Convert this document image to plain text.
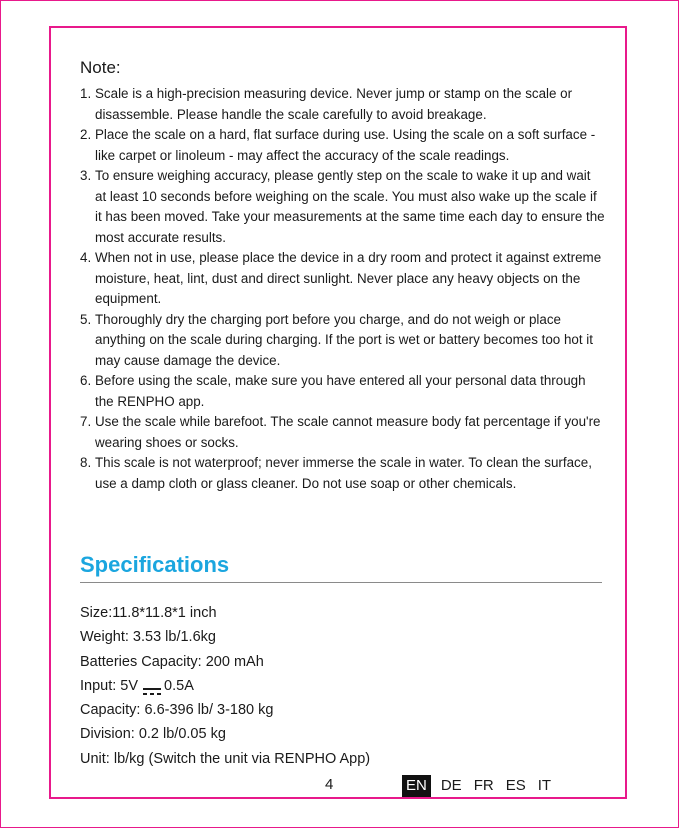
Note:
1. Scale is a high-precision measuring device. Never jump or stamp on the scale or disassemble. Please handle the scale carefully to avoid breakage.
2. Place the scale on a hard, flat surface during use. Using the scale on a soft surface - like carpet or linoleum - may affect the accuracy of the scale readings.
3. To ensure weighing accuracy, please gently step on the scale to wake it up and wait at least 10 seconds before weighing on the scale. You must also wake up the scale if it has been moved. Take your measurements at the same time each day to ensure the most accurate results.
4. When not in use, please place the device in a dry room and protect it against extreme moisture, heat, lint, dust and direct sunlight. Never place any heavy objects on the equipment.
5. Thoroughly dry the charging port before you charge, and do not weigh or place anything on the scale during charging. If the port is wet or battery becomes too hot it may cause damage the device.
6. Before using the scale, make sure you have entered all your personal data through the RENPHO app.
7. Use the scale while barefoot. The scale cannot measure body fat percentage if you're wearing shoes or socks.
8. This scale is not waterproof; never immerse the scale in water. To clean the surface, use a damp cloth or glass cleaner. Do not use soap or other chemicals.
Specifications
Size:11.8*11.8*1 inch
Weight: 3.53 lb/1.6kg
Batteries Capacity: 200 mAh
Input: 5V 0.5A
Capacity: 6.6-396 lb/ 3-180 kg
Division: 0.2 lb/0.05 kg
Unit: lb/kg (Switch the unit via RENPHO App)
4	EN DE FR ES IT
